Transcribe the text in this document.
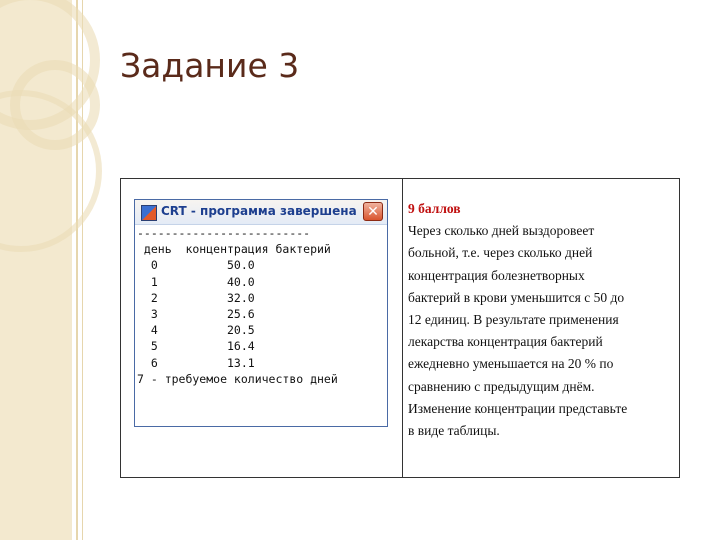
Задание 3
CRT - программа завершена ✕
-------------------------
день  концентрация бактерий
0          50.0
1          40.0
2          32.0
3          25.6
4          20.5
5          16.4
6          13.1
7 - требуемое количество дней
9 баллов
Через сколько дней выздоровеет
больной, т.е. через сколько дней
концентрация болезнетворных
бактерий в крови уменьшится с 50 до
12 единиц. В результате применения
лекарства концентрация бактерий
ежедневно уменьшается на 20 % по
сравнению с предыдущим днём.
Изменение концентрации представьте
в виде таблицы.
